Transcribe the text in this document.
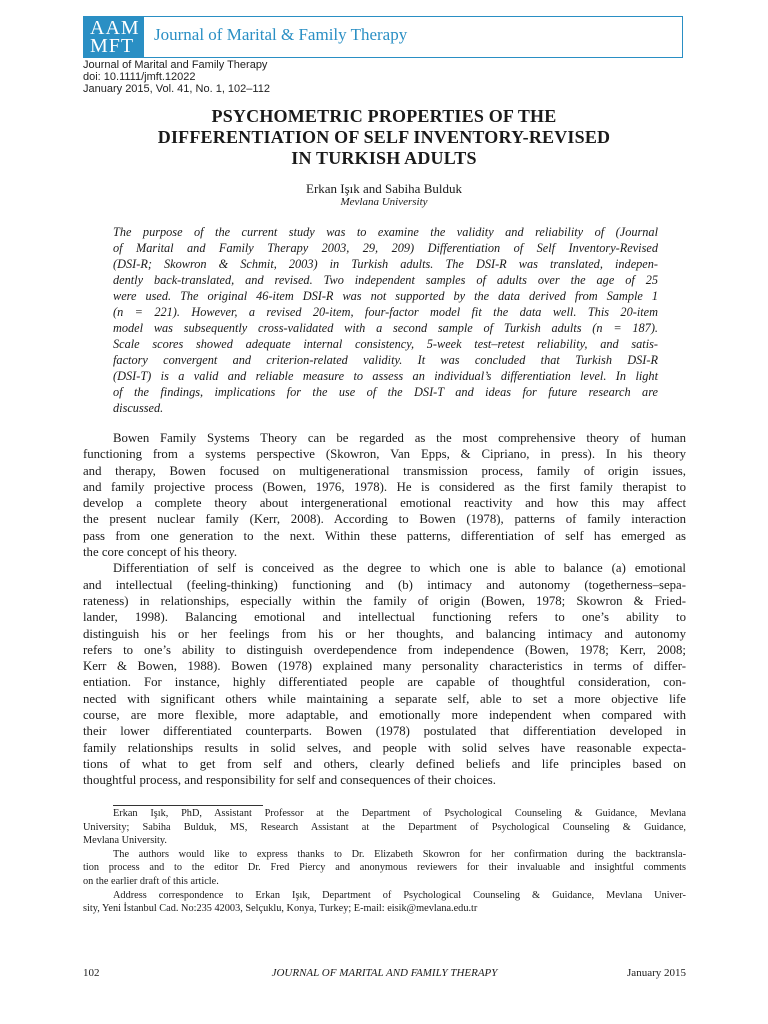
AAM
MFT
Journal of Marital & Family Therapy
Journal of Marital and Family Therapy
doi: 10.1111/jmft.12022
January 2015, Vol. 41, No. 1, 102–112
PSYCHOMETRIC PROPERTIES OF THE
DIFFERENTIATION OF SELF INVENTORY-REVISED
IN TURKISH ADULTS
Erkan Işık and Sabiha Bulduk
Mevlana University
The purpose of the current study was to examine the validity and reliability of (Journal
of Marital and Family Therapy 2003, 29, 209) Differentiation of Self Inventory-Revised
(DSI-R; Skowron & Schmit, 2003) in Turkish adults. The DSI-R was translated, indepen-
dently back-translated, and revised. Two independent samples of adults over the age of 25
were used. The original 46-item DSI-R was not supported by the data derived from Sample 1
(n = 221). However, a revised 20-item, four-factor model fit the data well. This 20-item
model was subsequently cross-validated with a second sample of Turkish adults (n = 187).
Scale scores showed adequate internal consistency, 5-week test–retest reliability, and satis-
factory convergent and criterion-related validity. It was concluded that Turkish DSI-R
(DSI-T) is a valid and reliable measure to assess an individual’s differentiation level. In light
of the findings, implications for the use of the DSI-T and ideas for future research are
discussed.
Bowen Family Systems Theory can be regarded as the most comprehensive theory of human
functioning from a systems perspective (Skowron, Van Epps, & Cipriano, in press). In his theory
and therapy, Bowen focused on multigenerational transmission process, family of origin issues,
and family projective process (Bowen, 1976, 1978). He is considered as the first family therapist to
develop a complete theory about intergenerational emotional reactivity and how this may affect
the present nuclear family (Kerr, 2008). According to Bowen (1978), patterns of family interaction
pass from one generation to the next. Within these patterns, differentiation of self has emerged as
the core concept of his theory.
Differentiation of self is conceived as the degree to which one is able to balance (a) emotional
and intellectual (feeling-thinking) functioning and (b) intimacy and autonomy (togetherness–sepa-
rateness) in relationships, especially within the family of origin (Bowen, 1978; Skowron & Fried-
lander, 1998). Balancing emotional and intellectual functioning refers to one’s ability to
distinguish his or her feelings from his or her thoughts, and balancing intimacy and autonomy
refers to one’s ability to distinguish overdependence from independence (Bowen, 1978; Kerr, 2008;
Kerr & Bowen, 1988). Bowen (1978) explained many personality characteristics in terms of differ-
entiation. For instance, highly differentiated people are capable of thoughtful consideration, con-
nected with significant others while maintaining a separate self, able to set a more objective life
course, are more flexible, more adaptable, and emotionally more independent when compared with
their lower differentiated counterparts. Bowen (1978) postulated that differentiation developed in
family relationships results in solid selves, and people with solid selves have reasonable expecta-
tions of what to get from self and others, clearly defined beliefs and life principles based on
thoughtful process, and responsibility for self and consequences of their choices.
Erkan Işık, PhD, Assistant Professor at the Department of Psychological Counseling & Guidance, Mevlana
University; Sabiha Bulduk, MS, Research Assistant at the Department of Psychological Counseling & Guidance,
Mevlana University.
The authors would like to express thanks to Dr. Elizabeth Skowron for her confirmation during the backtransla-
tion process and to the editor Dr. Fred Piercy and anonymous reviewers for their invaluable and insightful comments
on the earlier draft of this article.
Address correspondence to Erkan Işık, Department of Psychological Counseling & Guidance, Mevlana Univer-
sity, Yeni İstanbul Cad. No:235 42003, Selçuklu, Konya, Turkey; E-mail: eisik@mevlana.edu.tr
102	JOURNAL OF MARITAL AND FAMILY THERAPY	January 2015
